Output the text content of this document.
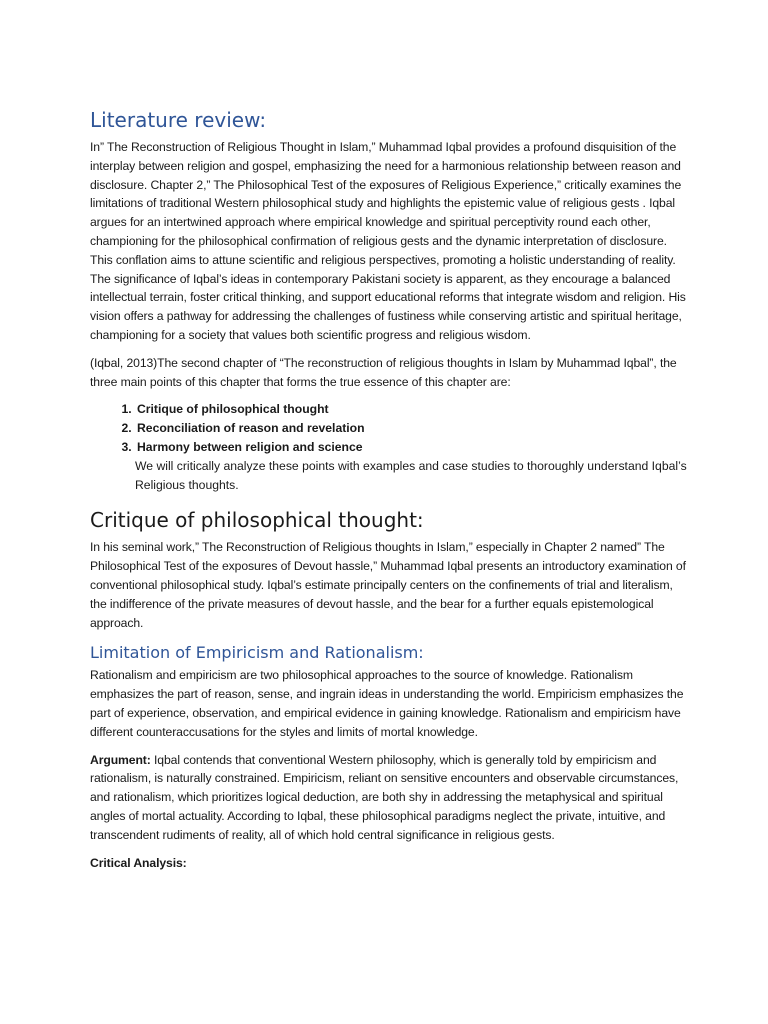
Literature review:

In” The Reconstruction of Religious Thought in Islam,” Muhammad Iqbal provides a profound disquisition of the interplay between religion and gospel, emphasizing the need for a harmonious relationship between reason and disclosure. Chapter 2,” The Philosophical Test of the exposures of Religious Experience,” critically examines the limitations of traditional Western philosophical study and highlights the epistemic value of religious gests . Iqbal argues for an intertwined approach where empirical knowledge and spiritual perceptivity round each other, championing for the philosophical confirmation of religious gests and the dynamic interpretation of disclosure. This conflation aims to attune scientific and religious perspectives, promoting a holistic understanding of reality. The significance of Iqbal’s ideas in contemporary Pakistani society is apparent, as they encourage a balanced intellectual terrain, foster critical thinking, and support educational reforms that integrate wisdom and religion. His vision offers a pathway for addressing the challenges of fustiness while conserving artistic and spiritual heritage, championing for a society that values both scientific progress and religious wisdom.

(Iqbal, 2013)The second chapter of “The reconstruction of religious thoughts in Islam by Muhammad Iqbal”, the three main points of this chapter that forms the true essence of this chapter are:

1. Critique of philosophical thought
2. Reconciliation of reason and revelation
3. Harmony between religion and science
We will critically analyze these points with examples and case studies to thoroughly understand Iqbal’s Religious thoughts.
Critique of philosophical thought:

In his seminal work,” The Reconstruction of Religious thoughts in Islam,” especially in Chapter 2 named” The Philosophical Test of the exposures of Devout hassle,” Muhammad Iqbal presents an introductory examination of conventional philosophical study. Iqbal’s estimate principally centers on the confinements of trial and literalism, the indifference of the private measures of devout hassle, and the bear for a further equals epistemological approach.

Limitation of Empiricism and Rationalism:

Rationalism and empiricism are two philosophical approaches to the source of knowledge. Rationalism emphasizes the part of reason, sense, and ingrain ideas in understanding the world. Empiricism emphasizes the part of experience, observation, and empirical evidence in gaining knowledge. Rationalism and empiricism have different counteraccusations for the styles and limits of mortal knowledge.

Argument: Iqbal contends that conventional Western philosophy, which is generally told by empiricism and rationalism, is naturally constrained. Empiricism, reliant on sensitive encounters and observable circumstances, and rationalism, which prioritizes logical deduction, are both shy in addressing the metaphysical and spiritual angles of mortal actuality. According to Iqbal, these philosophical paradigms neglect the private, intuitive, and transcendent rudiments of reality, all of which hold central significance in religious gests.

Critical Analysis:
